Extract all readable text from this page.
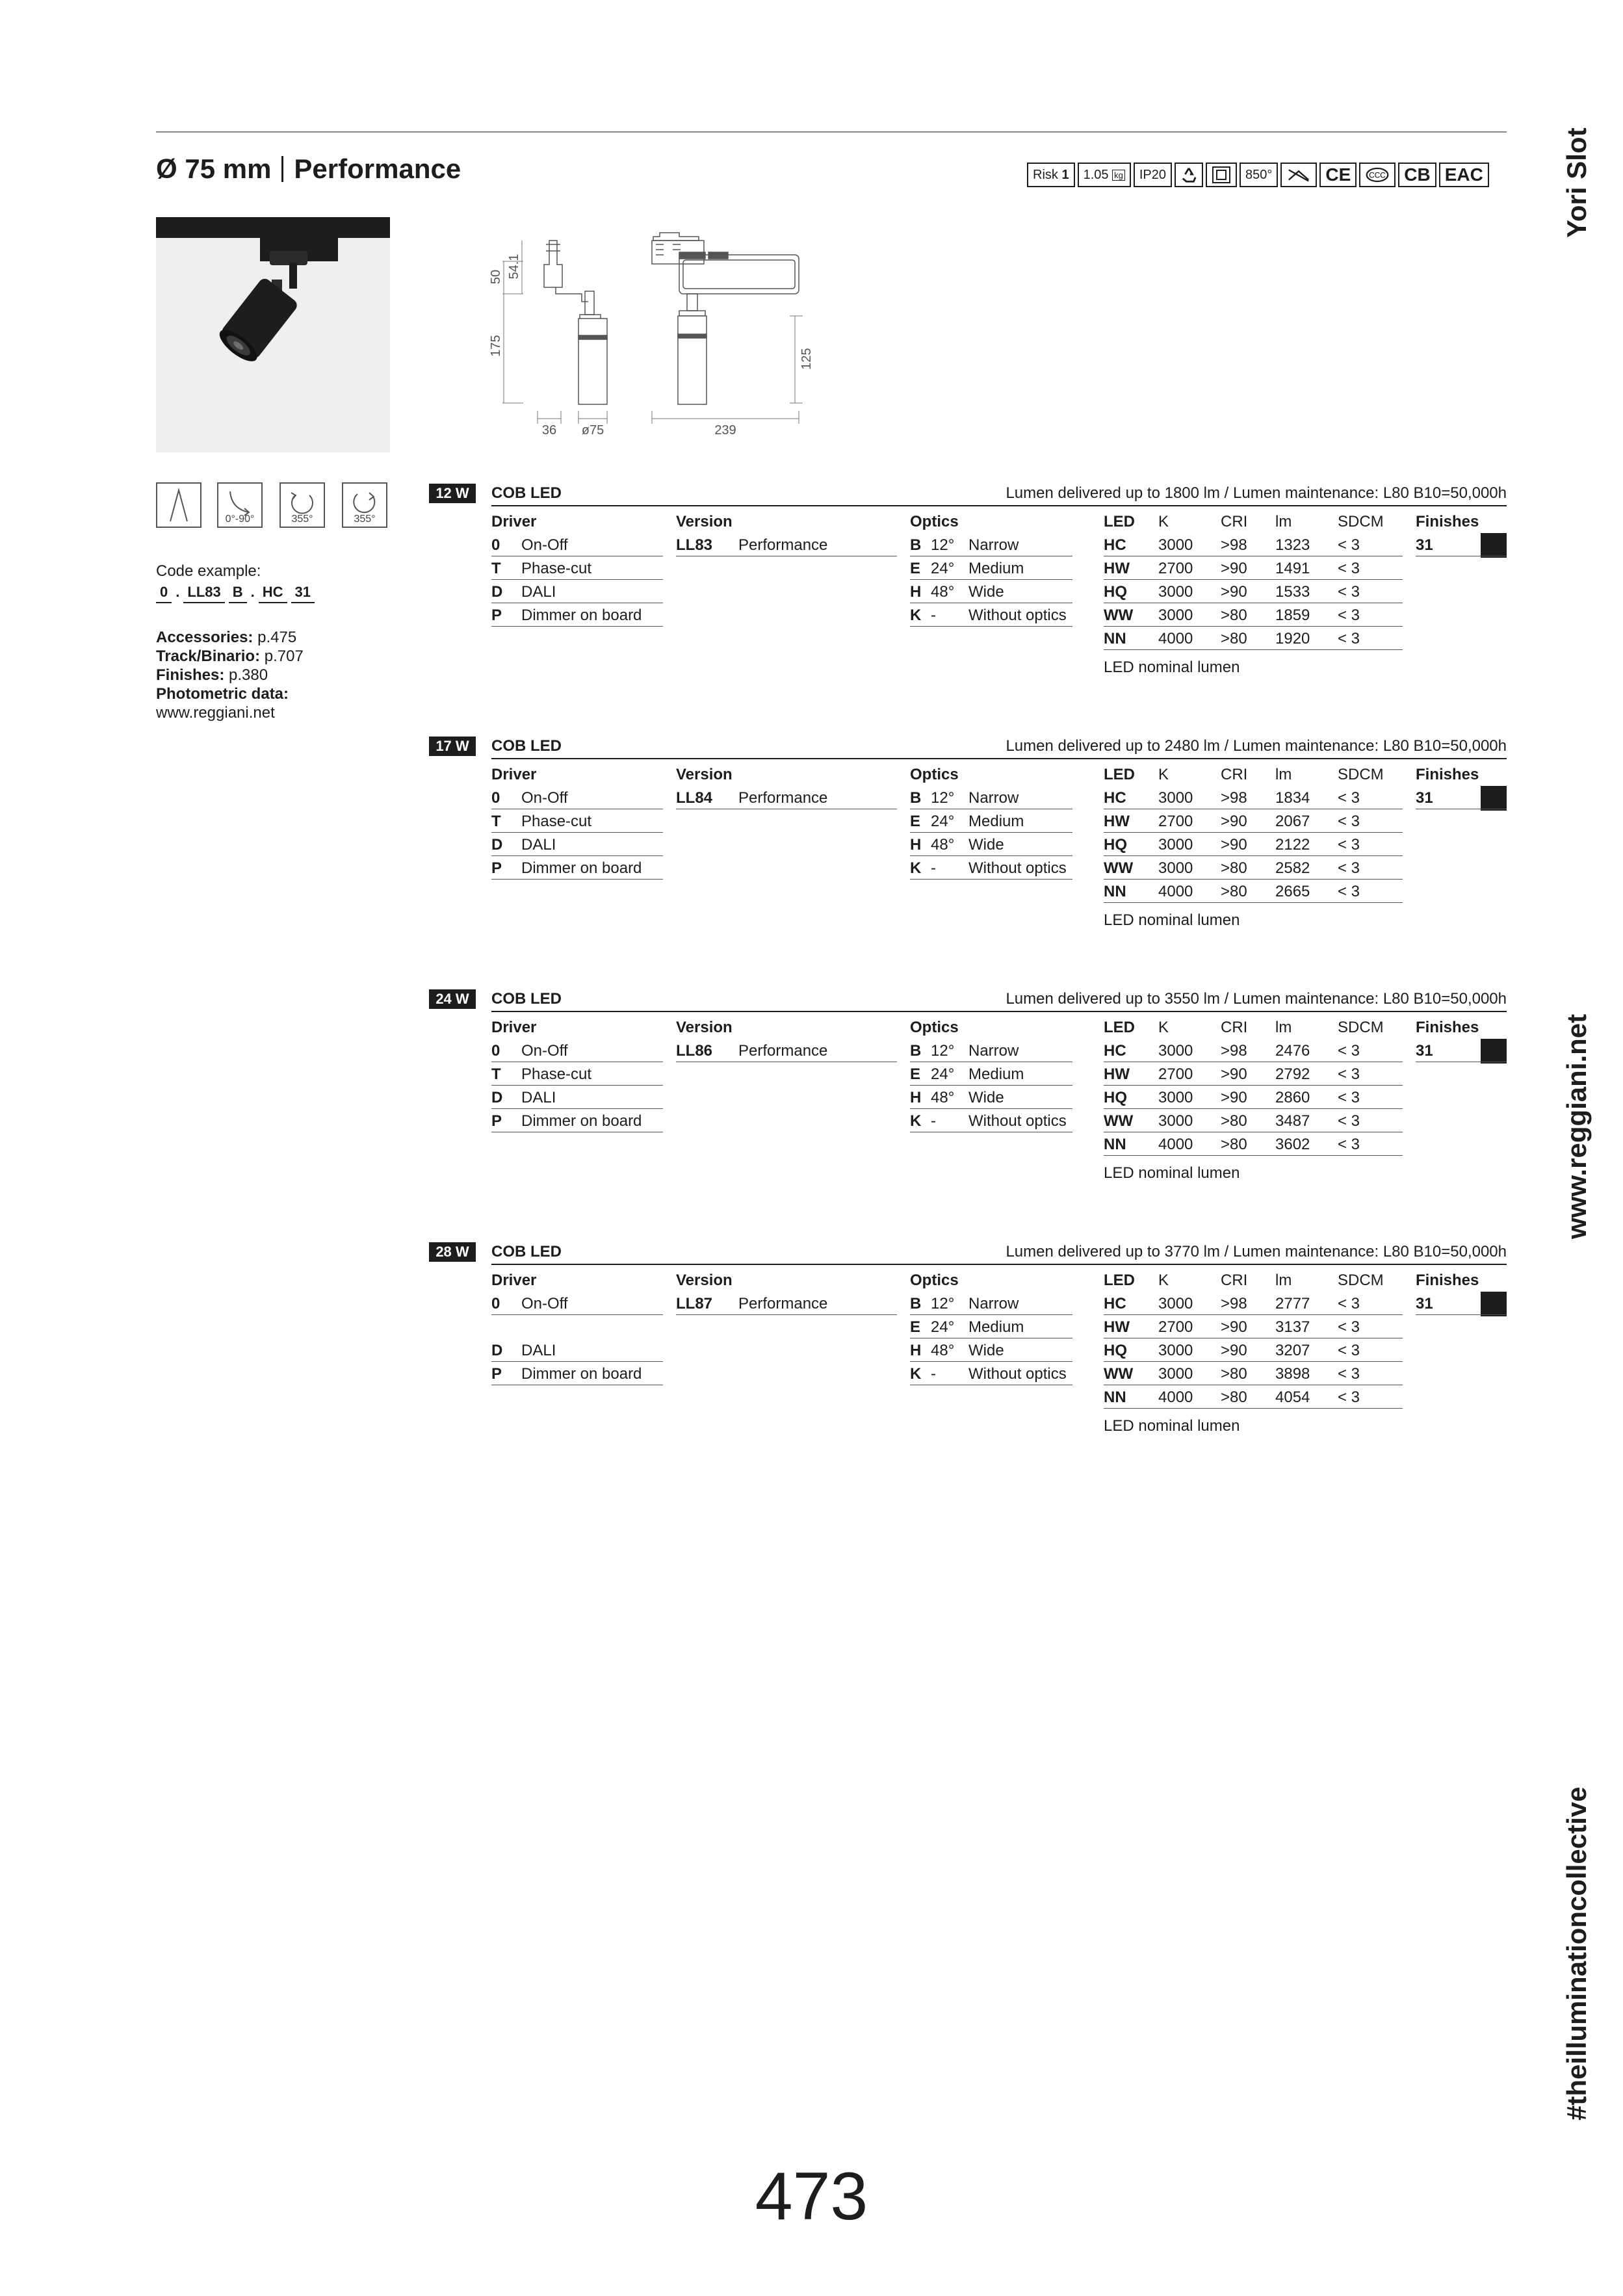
Ø 75 mm Performance	Risk
1 1.05
kg	IP20	850°	CE	CCC	CB EAC	Yori Slot
www.reggiani.net
#theilluminationcollective
50 54.1
175
125
36 ø75	239
0°-90°	355°	355°
Code example:
0 . LL83 B . HC 31
Accessories: p.475
Track/Binario: p.707
Finishes: p.380
Photometric data:
www.reggiani.net
12 W	COB LED	Lumen delivered up to 1800 lm / Lumen maintenance: L80 B10=50,000h
Driver	Version	Optics	LED K	CRI lm	SDCM Finishes
0 On-Off
T Phase-cut
D DALI
P Dimmer on board
LL83 Performance	B 12° Narrow
E 24° Medium
H 48° Wide
K - Without optics
HC 3000 >98 1323 < 3
HW 2700 >90 1491 < 3
HQ 3000 >90 1533 < 3
WW 3000 >80 1859 < 3
NN 4000 >80 1920 < 3
LED nominal lumen
31
17 W	COB LED	Lumen delivered up to 2480 lm / Lumen maintenance: L80 B10=50,000h
Driver	Version	Optics	LED K	CRI lm	SDCM Finishes
0 On-Off
T Phase-cut
D DALI
P Dimmer on board
LL84 Performance	B 12° Narrow
E 24° Medium
H 48° Wide
K - Without optics
HC 3000 >98 1834 < 3
HW 2700 >90 2067 < 3
HQ 3000 >90 2122 < 3
WW 3000 >80 2582 < 3
NN 4000 >80 2665 < 3
LED nominal lumen
31
24 W	COB LED	Lumen delivered up to 3550 lm / Lumen maintenance: L80 B10=50,000h
Driver	Version	Optics	LED K	CRI lm	SDCM Finishes
0 On-Off
T Phase-cut
D DALI
P Dimmer on board
LL86 Performance	B 12° Narrow
E 24° Medium
H 48° Wide
K - Without optics
HC 3000 >98 2476 < 3
HW 2700 >90 2792 < 3
HQ 3000 >90 2860 < 3
WW 3000 >80 3487 < 3
NN 4000 >80 3602 < 3
LED nominal lumen
31
28 W	COB LED	Lumen delivered up to 3770 lm / Lumen maintenance: L80 B10=50,000h
Driver	Version	Optics	LED K	CRI lm	SDCM Finishes
0 On-Off
D DALI
P Dimmer on board
LL87 Performance	B 12° Narrow
E 24° Medium
H 48° Wide
K - Without optics
HC 3000 >98 2777 < 3
HW 2700 >90 3137 < 3
HQ 3000 >90 3207 < 3
WW 3000 >80 3898 < 3
NN 4000 >80 4054 < 3
LED nominal lumen
31
473
